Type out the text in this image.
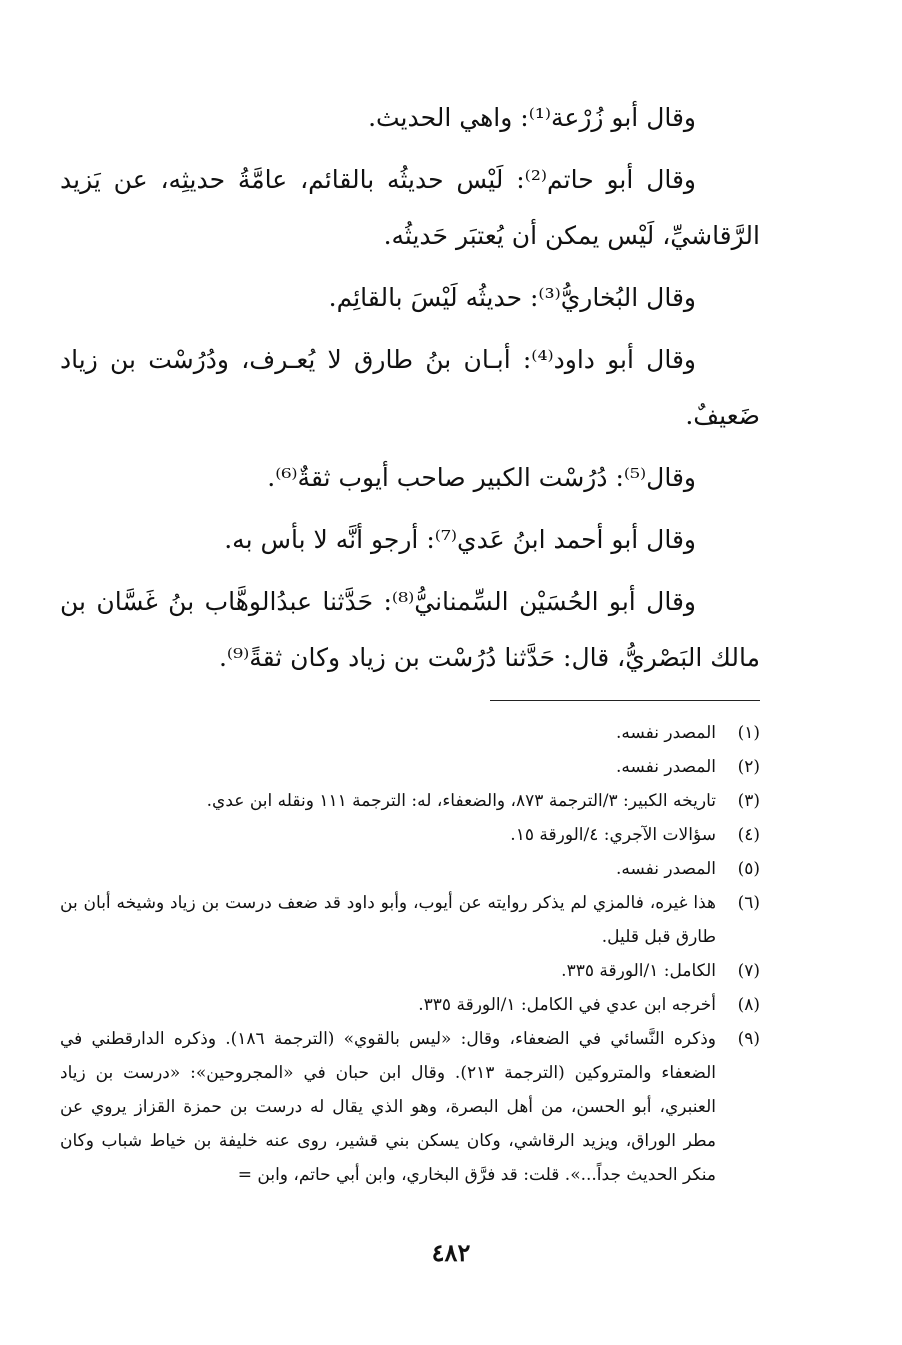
وقال أبو زُرْعة⁽¹⁾: واهي الحديث.

وقال أبو حاتم⁽²⁾: لَيْس حديثُه بالقائم، عامَّةُ حديثِه، عن يَزيد الرَّقاشيِّ، لَيْس يمكن أن يُعتبَر حَديثُه.

وقال البُخاريُّ⁽³⁾: حديثُه لَيْسَ بالقائِم.

وقال أبو داود⁽⁴⁾: أبـان بنُ طارق لا يُعـرف، ودُرُسْت بن زياد ضَعيفٌ.

وقال⁽⁵⁾: دُرُسْت الكبير صاحب أيوب ثقةٌ⁽⁶⁾.

وقال أبو أحمد ابنُ عَدي⁽⁷⁾: أرجو أنَّه لا بأس به.

وقال أبو الحُسَيْن السِّمنانيُّ⁽⁸⁾: حَدَّثنا عبدُالوهَّاب بنُ غَسَّان بن مالك البَصْريُّ، قال: حَدَّثنا دُرُسْت بن زياد وكان ثقةً⁽⁹⁾.

(١)
المصدر نفسه.
(٢)
المصدر نفسه.
(٣)
تاريخه الكبير: ٣/الترجمة ٨٧٣، والضعفاء، له: الترجمة ١١١ ونقله ابن عدي.
(٤)
سؤالات الآجري: ٤/الورقة ١٥.
(٥)
المصدر نفسه.
(٦)
هذا غيره، فالمزي لم يذكر روايته عن أيوب، وأبو داود قد ضعف درست بن زياد وشيخه أبان بن طارق قبل قليل.
(٧)
الكامل: ١/الورقة ٣٣٥.
(٨)
أخرجه ابن عدي في الكامل: ١/الورقة ٣٣٥.
(٩)
وذكره النَّسائي في الضعفاء، وقال: «ليس بالقوي» (الترجمة ١٨٦). وذكره الدارقطني في الضعفاء والمتروكين (الترجمة ٢١٣). وقال ابن حبان في «المجروحين»: «درست بن زياد العنبري، أبو الحسن، من أهل البصرة، وهو الذي يقال له درست بن حمزة القزاز يروي عن مطر الوراق، ويزيد الرقاشي، وكان يسكن بني قشير، روى عنه خليفة بن خياط شباب وكان منكر الحديث جداً...». قلت: قد فرَّق البخاري، وابن أبي حاتم، وابن =
٤٨٢
